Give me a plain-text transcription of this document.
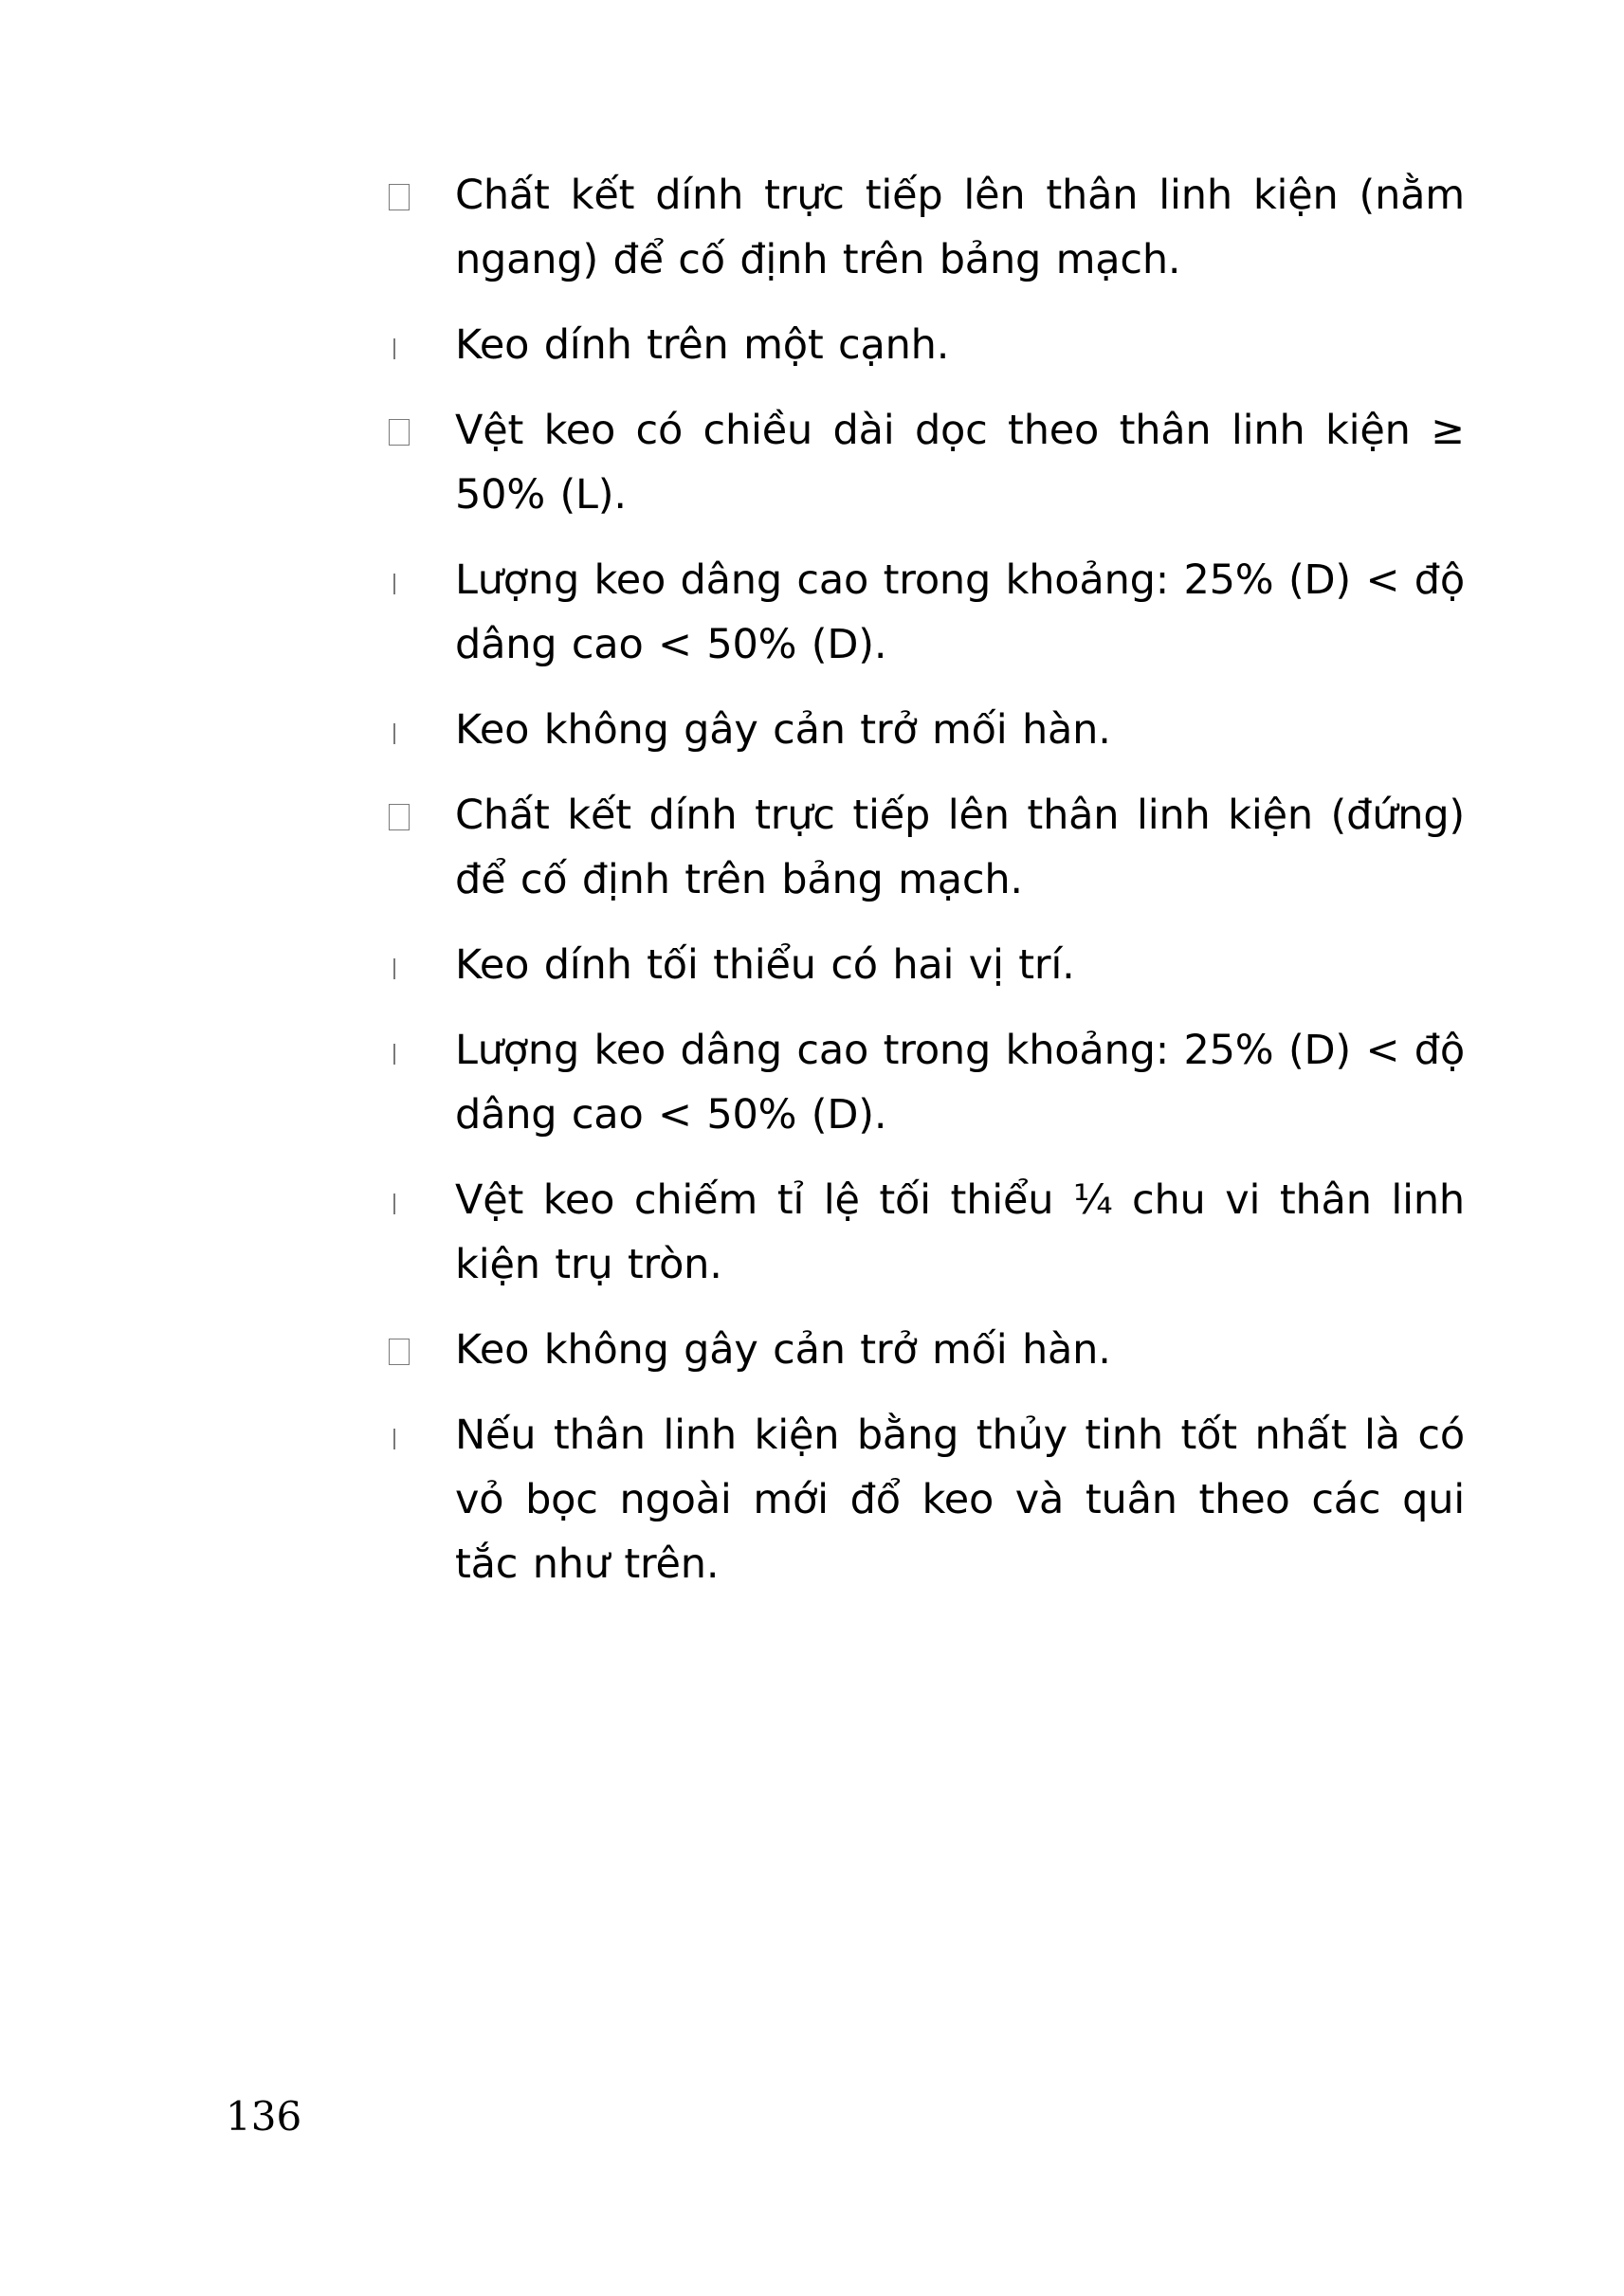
Chất kết dính trực tiếp lên thân linh kiện (nằm ngang) để cố định trên bảng mạch.
Keo dính trên một cạnh.
Vệt keo có chiều dài dọc theo thân linh kiện ≥ 50% (L).
Lượng keo dâng cao trong khoảng: 25% (D) < độ dâng cao < 50% (D).
Keo không gây cản trở mối hàn.
Chất kết dính trực tiếp lên thân linh kiện (đứng) để cố định trên bảng mạch.
Keo dính tối thiểu có hai vị trí.
Lượng keo dâng cao trong khoảng: 25% (D) < độ dâng cao < 50% (D).
Vệt keo chiếm tỉ lệ tối thiểu ¼ chu vi thân linh kiện trụ tròn.
Keo không gây cản trở mối hàn.
Nếu thân linh kiện bằng thủy tinh tốt nhất là có vỏ bọc ngoài mới đổ keo và tuân theo các qui tắc như trên.
136
